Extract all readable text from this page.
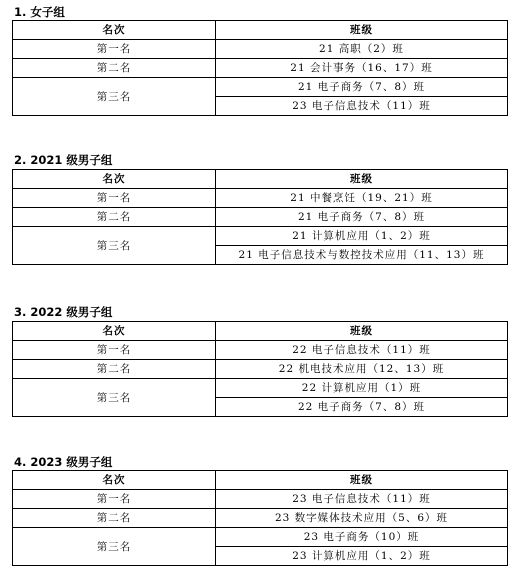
1. 女子组
名次	班级
第一名	21 高职（2）班
第二名	21 会计事务（16、17）班
第三名	21 电子商务（7、8）班
	23 电子信息技术（11）班
2. 2021 级男子组
名次	班级
第一名	21 中餐烹饪（19、21）班
第二名	21 电子商务（7、8）班
第三名	21 计算机应用（1、2）班
	21 电子信息技术与数控技术应用（11、13）班
3. 2022 级男子组
名次	班级
第一名	22 电子信息技术（11）班
第二名	22 机电技术应用（12、13）班
第三名	22 计算机应用（1）班
	22 电子商务（7、8）班
4. 2023 级男子组
名次	班级
第一名	23 电子信息技术（11）班
第二名	23 数字媒体技术应用（5、6）班
第三名	23 电子商务（10）班
	23 计算机应用（1、2）班
